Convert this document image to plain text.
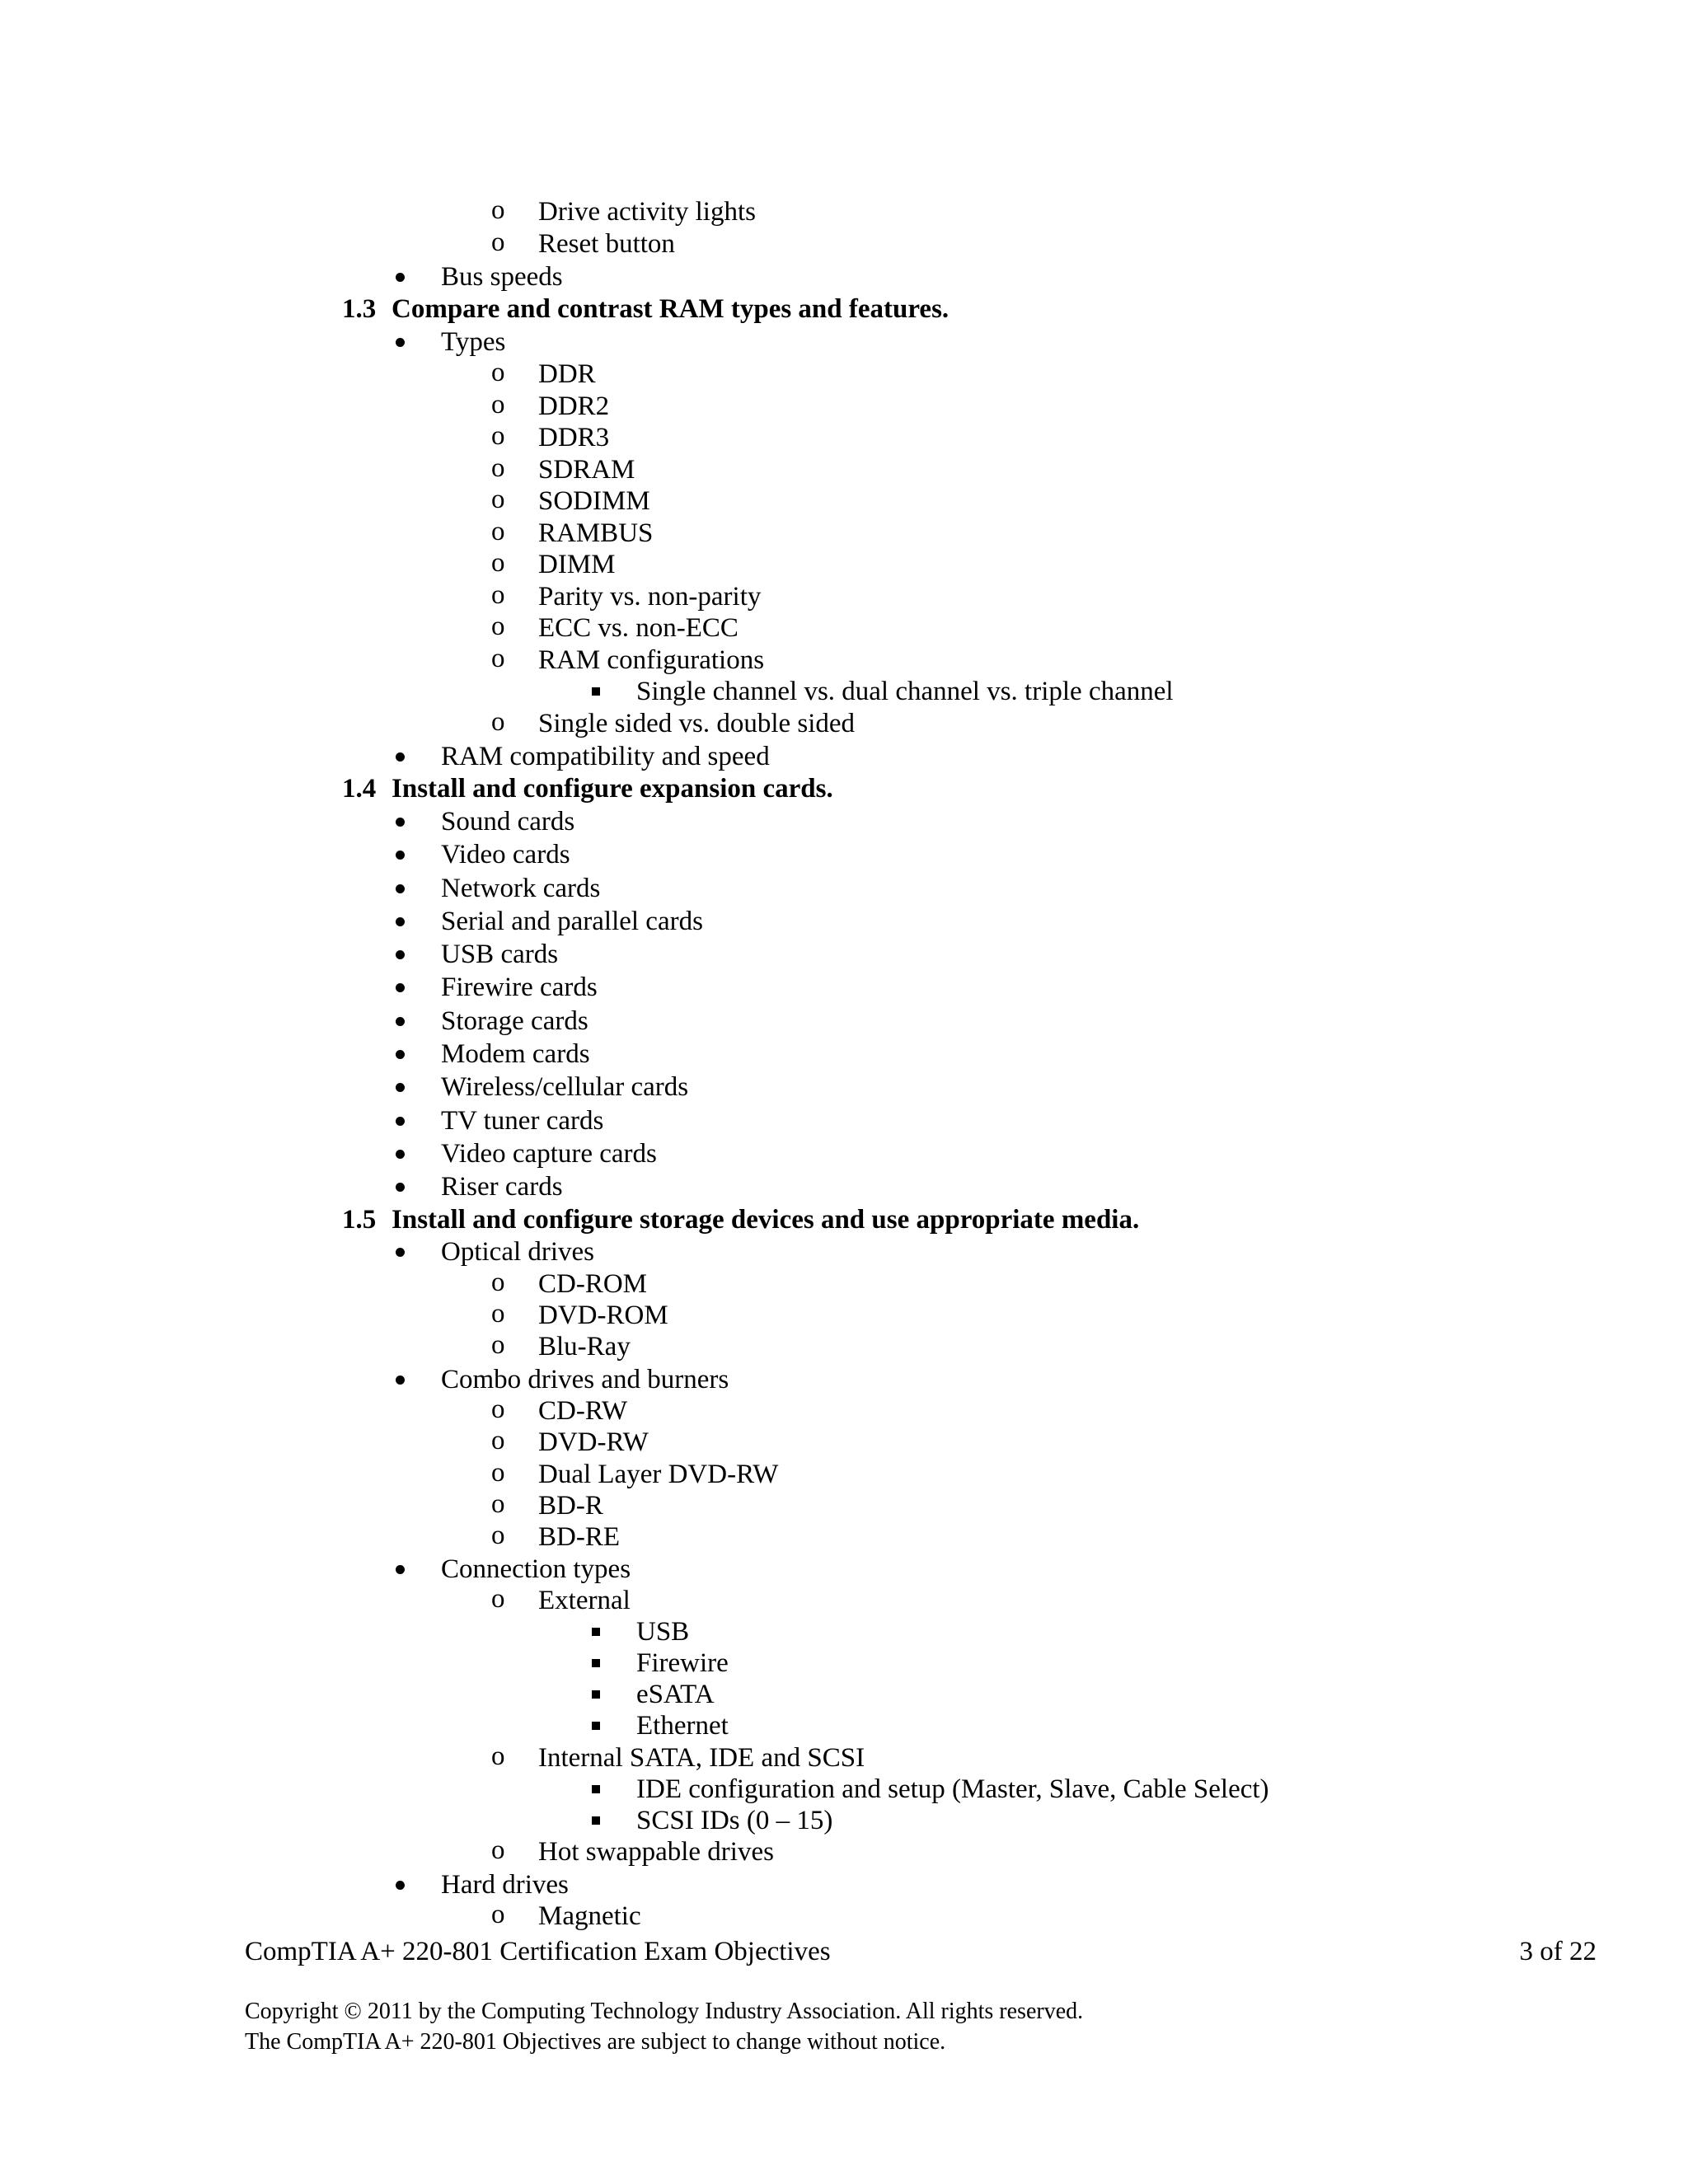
o Drive activity lights
o Reset button
Bus speeds
1.3 Compare and contrast RAM types and features.
Types
o DDR
o DDR2
o DDR3
o SDRAM
o SODIMM
o RAMBUS
o DIMM
o Parity vs. non-parity
o ECC vs. non-ECC
o RAM configurations
Single channel vs. dual channel vs. triple channel
o Single sided vs. double sided
RAM compatibility and speed
1.4 Install and configure expansion cards.
Sound cards
Video cards
Network cards
Serial and parallel cards
USB cards
Firewire cards
Storage cards
Modem cards
Wireless/cellular cards
TV tuner cards
Video capture cards
Riser cards
1.5 Install and configure storage devices and use appropriate media.
Optical drives
o CD-ROM
o DVD-ROM
o Blu-Ray
Combo drives and burners
o CD-RW
o DVD-RW
o Dual Layer DVD-RW
o BD-R
o BD-RE
Connection types
o External
USB
Firewire
eSATA
Ethernet
o Internal SATA, IDE and SCSI
IDE configuration and setup (Master, Slave, Cable Select)
SCSI IDs (0 – 15)
o Hot swappable drives
Hard drives
o Magnetic
CompTIA A+ 220-801 Certification Exam Objectives	3 of 22
Copyright © 2011 by the Computing Technology Industry Association. All rights reserved.
The CompTIA A+ 220-801 Objectives are subject to change without notice.
